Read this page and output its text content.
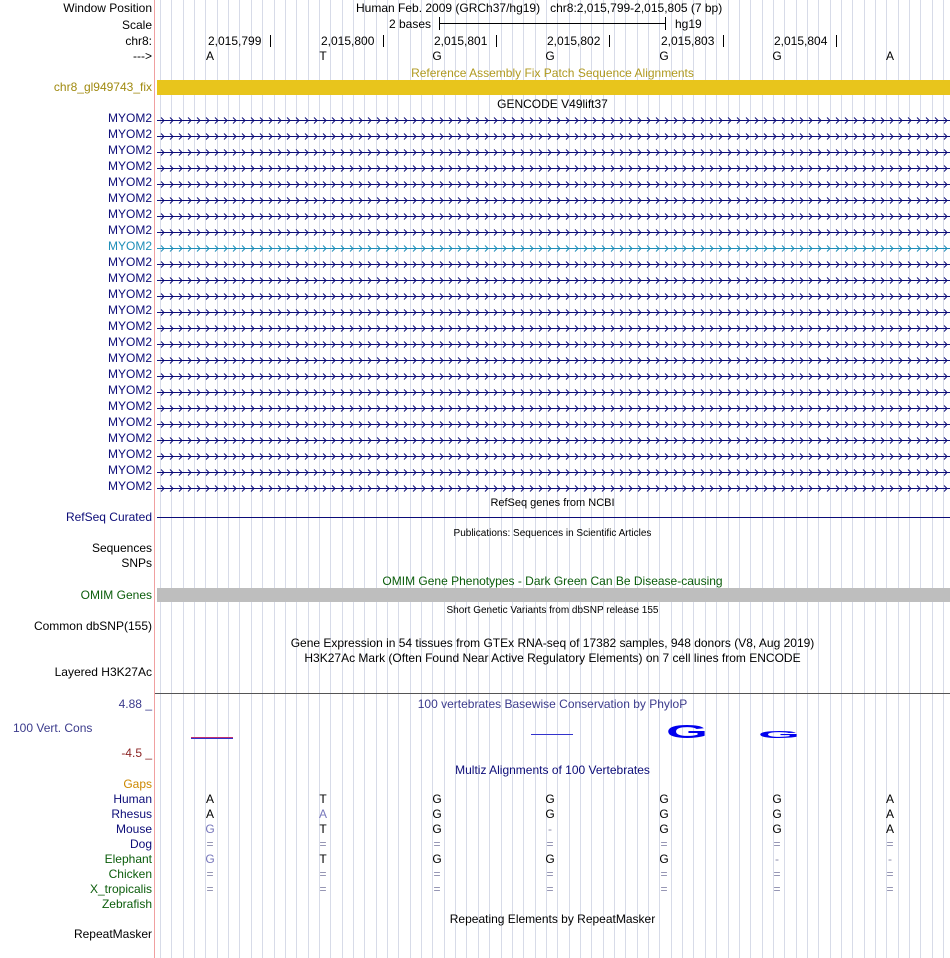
Window Position	Human Feb. 2009 (GRCh37/hg19)   chr8:2,015,799-2,015,805 (7 bp)
Scale	2 bases	hg19
chr8:	2,015,799	2,015,800	2,015,801	2,015,802	2,015,803	2,015,804
--->	A	T	G	G	G	G	A
Reference Assembly Fix Patch Sequence Alignments
chr8_gl949743_fix
GENCODE V49lift37
MYOM2
MYOM2
MYOM2
MYOM2
MYOM2
MYOM2
MYOM2
MYOM2
MYOM2
MYOM2
MYOM2
MYOM2
MYOM2
MYOM2
MYOM2
MYOM2
MYOM2
MYOM2
MYOM2
MYOM2
MYOM2
MYOM2
MYOM2
MYOM2
RefSeq genes from NCBI
RefSeq Curated
Publications: Sequences in Scientific Articles
Sequences
SNPs
OMIM Gene Phenotypes - Dark Green Can Be Disease-causing
OMIM Genes
Short Genetic Variants from dbSNP release 155
Common dbSNP(155)
Gene Expression in 54 tissues from GTEx RNA-seq of 17382 samples, 948 donors (V8, Aug 2019)
H3K27Ac Mark (Often Found Near Active Regulatory Elements) on 7 cell lines from ENCODE
Layered H3K27Ac
4.88 _	100 vertebrates Basewise Conservation by PhyloP
100 Vert. Cons
-4.5 _
G	G
Multiz Alignments of 100 Vertebrates
Gaps
Human	A	T	G	G	G	G	A
Rhesus	A	A	G	G	G	G	A
Mouse	G	T	G	-	G	G	A
Dog	=	=	=	=	=	=	=
Elephant	G	T	G	G	G	-	-
Chicken	=	=	=	=	=	=	=
X_tropicalis	=	=	=	=	=	=	=
Zebrafish
Repeating Elements by RepeatMasker
RepeatMasker
